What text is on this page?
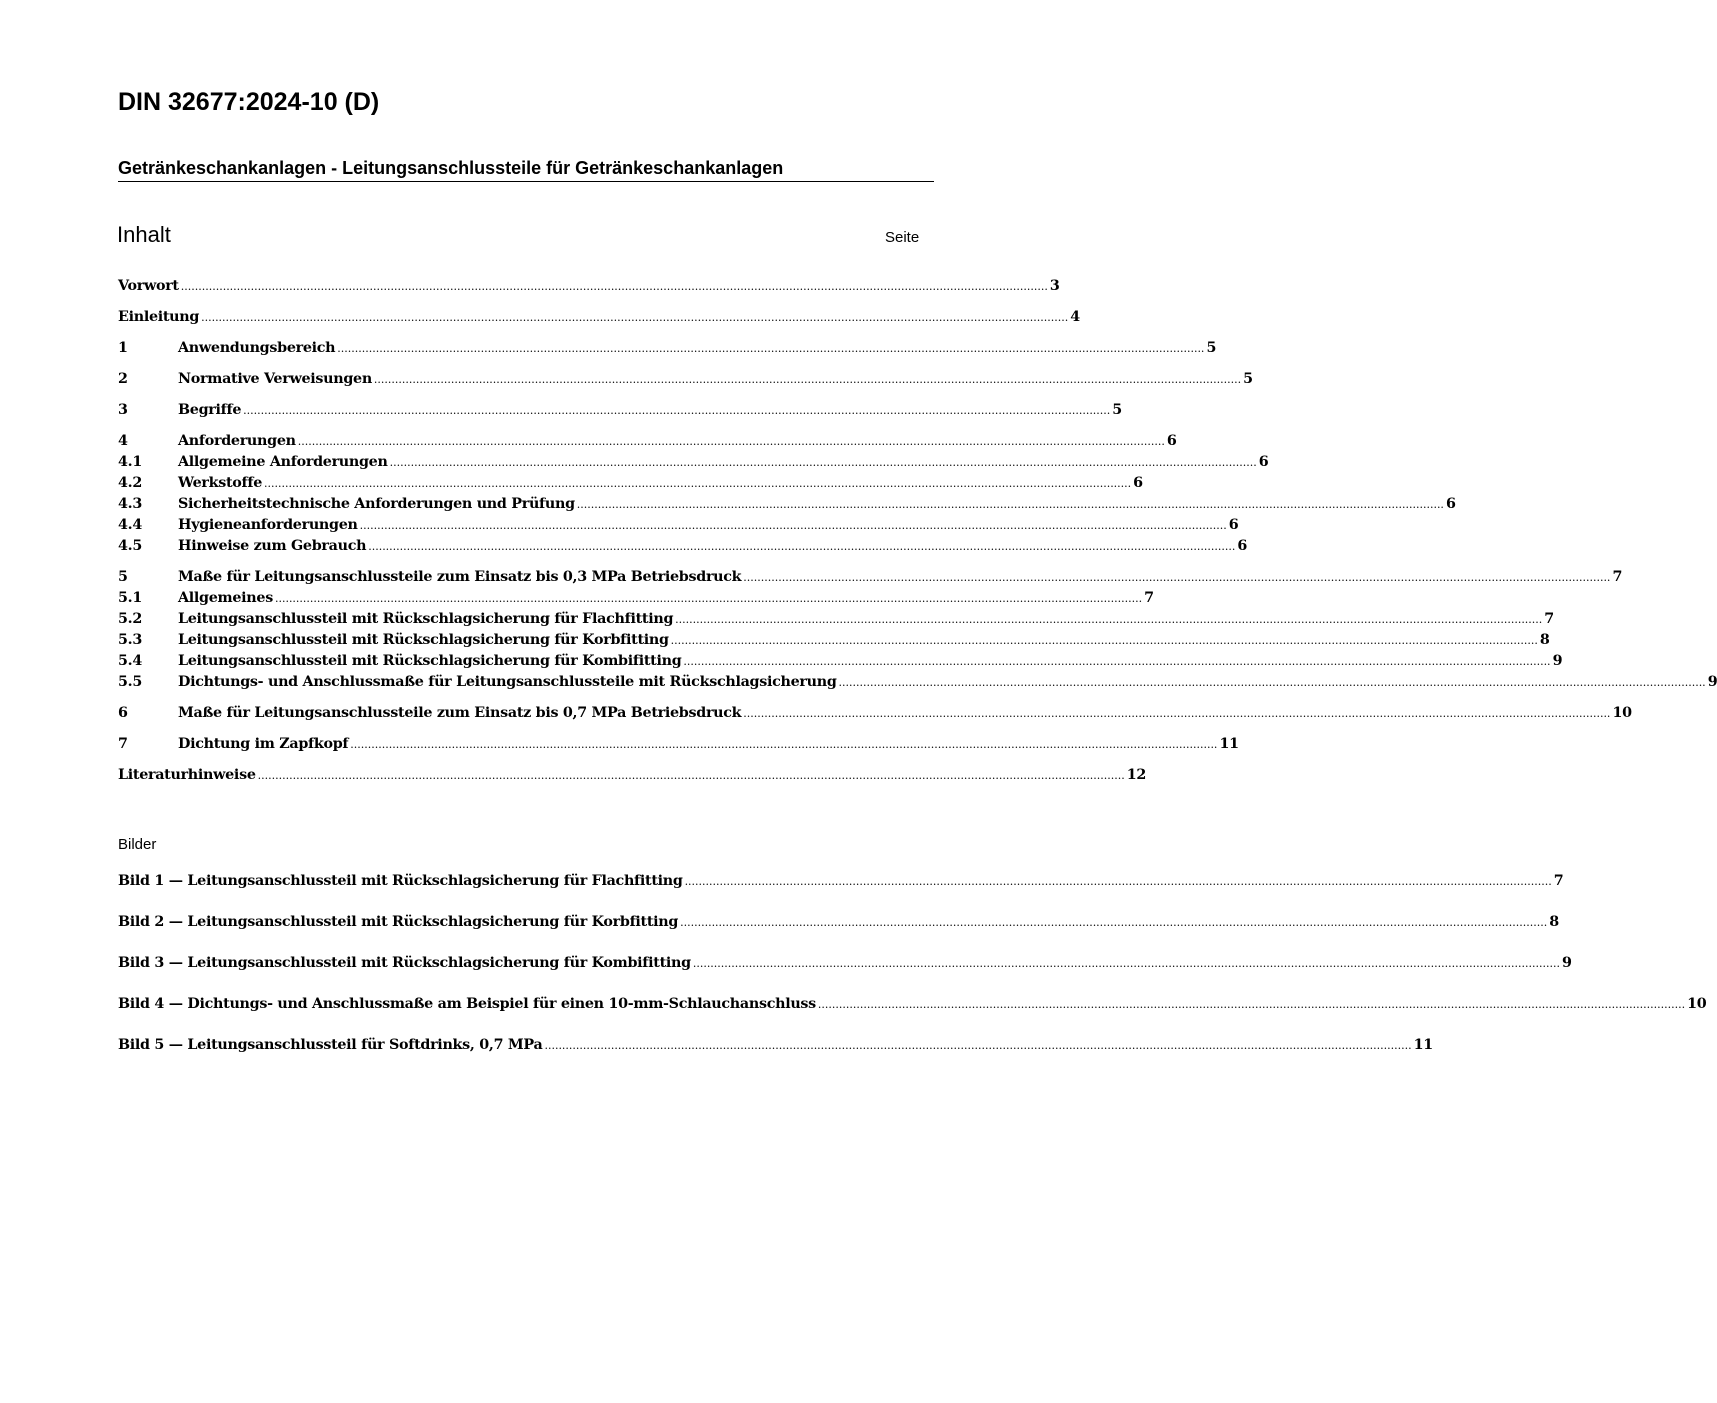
DIN 32677:2024-10 (D)
Getränkeschankanlagen - Leitungsanschlussteile für Getränkeschankanlagen
Inhalt	Seite
Vorwort .....	3
Einleitung .....	4
1	Anwendungsbereich .....	5
2	Normative Verweisungen .....	5
3	Begriffe .....	5
4	Anforderungen .....	6
4.1	Allgemeine Anforderungen .....	6
4.2	Werkstoffe .....	6
4.3	Sicherheitstechnische Anforderungen und Prüfung .....	6
4.4	Hygieneanforderungen .....	6
4.5	Hinweise zum Gebrauch .....	6
5	Maße für Leitungsanschlussteile zum Einsatz bis 0,3 MPa Betriebsdruck .....	7
5.1	Allgemeines .....	7
5.2	Leitungsanschlussteil mit Rückschlagsicherung für Flachfitting .....	7
5.3	Leitungsanschlussteil mit Rückschlagsicherung für Korbfitting .....	8
5.4	Leitungsanschlussteil mit Rückschlagsicherung für Kombifitting .....	9
5.5	Dichtungs- und Anschlussmaße für Leitungsanschlussteile mit Rückschlagsicherung .....	9
6	Maße für Leitungsanschlussteile zum Einsatz bis 0,7 MPa Betriebsdruck .....	10
7	Dichtung im Zapfkopf .....	11
Literaturhinweise .....	12
Bilder
Bild 1 — Leitungsanschlussteil mit Rückschlagsicherung für Flachfitting .....	7
Bild 2 — Leitungsanschlussteil mit Rückschlagsicherung für Korbfitting .....	8
Bild 3 — Leitungsanschlussteil mit Rückschlagsicherung für Kombifitting .....	9
Bild 4 — Dichtungs- und Anschlussmaße am Beispiel für einen 10-mm-Schlauchanschluss .....	10
Bild 5 — Leitungsanschlussteil für Softdrinks, 0,7 MPa .....	11
